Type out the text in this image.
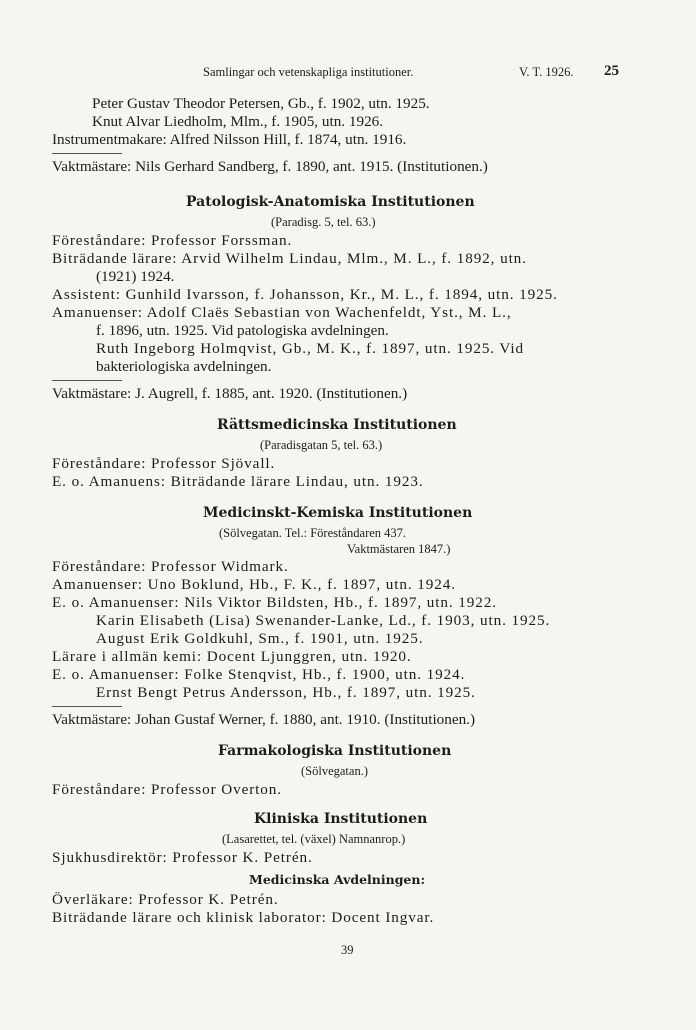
Samlingar och vetenskapliga institutioner.	V. T. 1926. 25
Peter Gustav Theodor Petersen, Gb., f. 1902, utn. 1925.
Knut Alvar Liedholm, Mlm., f. 1905, utn. 1926.
Instrumentmakare: Alfred Nilsson Hill, f. 1874, utn. 1916.
Vaktmästare: Nils Gerhard Sandberg, f. 1890, ant. 1915. (Institutionen.)
Patologisk-Anatomiska Institutionen
(Paradisg. 5, tel. 63.)
Föreståndare: Professor Forssman.
Biträdande lärare: Arvid Wilhelm Lindau, Mlm., M. L., f. 1892, utn.
(1921) 1924.
Assistent: Gunhild Ivarsson, f. Johansson, Kr., M. L., f. 1894, utn. 1925.
Amanuenser: Adolf Claës Sebastian von Wachenfeldt, Yst., M. L.,
f. 1896, utn. 1925. Vid patologiska avdelningen.
Ruth Ingeborg Holmqvist, Gb., M. K., f. 1897, utn. 1925. Vid
bakteriologiska avdelningen.
Vaktmästare: J. Augrell, f. 1885, ant. 1920. (Institutionen.)
Rättsmedicinska Institutionen
(Paradisgatan 5, tel. 63.)
Föreståndare: Professor Sjövall.
E. o. Amanuens: Biträdande lärare Lindau, utn. 1923.
Medicinskt-Kemiska Institutionen
(Sölvegatan. Tel.: Föreståndaren 437.
Vaktmästaren 1847.)
Föreståndare: Professor Widmark.
Amanuenser: Uno Boklund, Hb., F. K., f. 1897, utn. 1924.
E. o. Amanuenser: Nils Viktor Bildsten, Hb., f. 1897, utn. 1922.
Karin Elisabeth (Lisa) Swenander-Lanke, Ld., f. 1903, utn. 1925.
August Erik Goldkuhl, Sm., f. 1901, utn. 1925.
Lärare i allmän kemi: Docent Ljunggren, utn. 1920.
E. o. Amanuenser: Folke Stenqvist, Hb., f. 1900, utn. 1924.
Ernst Bengt Petrus Andersson, Hb., f. 1897, utn. 1925.
Vaktmästare: Johan Gustaf Werner, f. 1880, ant. 1910. (Institutionen.)
Farmakologiska Institutionen
(Sölvegatan.)
Föreståndare: Professor Overton.
Kliniska Institutionen
(Lasarettet, tel. (växel) Namnanrop.)
Sjukhusdirektör: Professor K. Petrén.
Medicinska Avdelningen:
Överläkare: Professor K. Petrén.
Biträdande lärare och klinisk laborator: Docent Ingvar.
39
